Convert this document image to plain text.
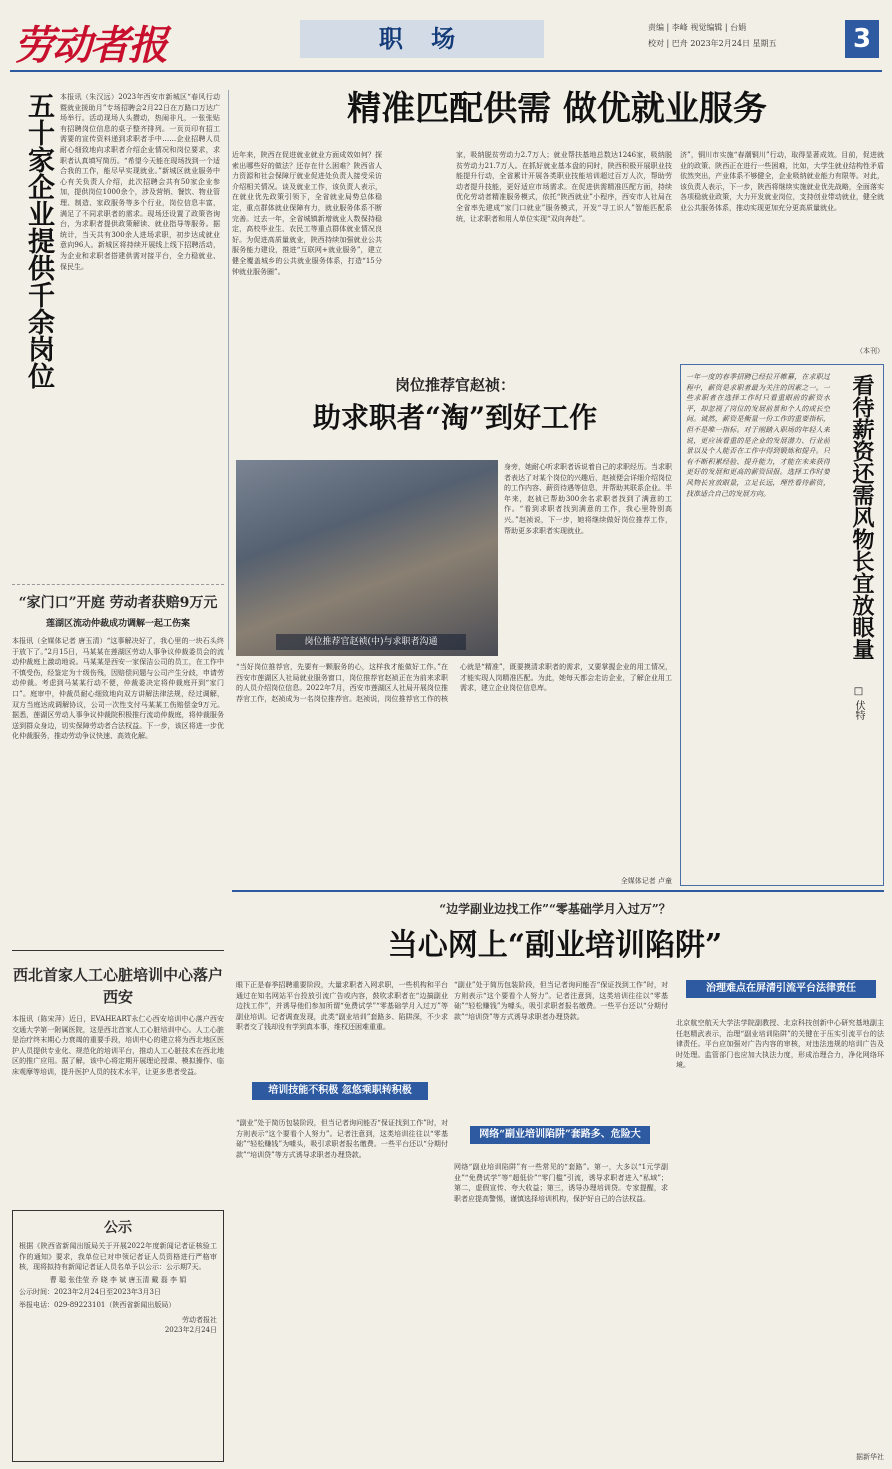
劳动者报	职 场	责编 | 李峰 视觉编辑 | 台娟
校对 | 巴舟 2023年2月24日 星期五	3
五十家企业提供千余岗位 本报讯（朱汉远）2023年西安市新城区“春风行动暨就业援助月”专场招聘会2月22日在万路口万达广场举行。活动现场人头攒动，热闹非凡，一张张贴有招聘岗位信息的桌子整齐排列。一页页印有招工需要的宣传资料递到求职者手中……企业招聘人员耐心细致地向求职者介绍企业情况和岗位要求，求职者认真填写简历。“希望今天能在现场找到一个适合我的工作，能尽早实现就业。”新城区就业服务中心有关负责人介绍，此次招聘会共有50家企业参加，提供岗位1000余个，涉及营销、餐饮、物业管理、制造、家政服务等多个行业，岗位信息丰富，满足了不同求职者的需求。现场还设置了政策咨询台，为求职者提供政策解读、就业指导等服务。据统计，当天共有300余人进场求职，初步达成就业意向96人。新城区将持续开展线上线下招聘活动，为企业和求职者搭建供需对接平台，全力稳就业、保民生。
精准匹配供需 做优就业服务
近年来，陕西在促进就业就业方面成效如何？探索出哪些好的做法？还存在什么困难？陕西省人力资源和社会保障厅就业促进处负责人接受采访介绍相关情况。谈及就业工作，该负责人表示，在就业优先政策引领下，全省就业局势总体稳定，重点群体就业保障有力，就业服务体系不断完善。过去一年，全省城镇新增就业人数保持稳定，高校毕业生、农民工等重点群体就业情况良好。为促进高质量就业，陕西持续加强就业公共服务能力建设，推进“互联网+就业服务”，建立健全覆盖城乡的公共就业服务体系，打造“15分钟就业服务圈”。
家，吸纳脱贫劳动力2.7万人；就业帮扶基地总数达1246家，吸纳脱贫劳动力21.7万人。在抓好就业基本盘的同时，陕西积极开展职业技能提升行动，全省累计开展各类职业技能培训超过百万人次，帮助劳动者提升技能，更好适应市场需求。在促进供需精准匹配方面，持续优化劳动者精准服务模式，依托“陕西就业”小程序，西安市人社局在全省率先建成“家门口就业”服务模式，开发“寻工识人”智能匹配系统，让求职者和用人单位实现“双向奔赴”。
济”，铜川市实施“春潮铜川”行动，取得显著成效。目前，促进就业的政策、陕西正在进行一些困难，比如，大学生就业结构性矛盾依然突出，产业体系不够健全，企业吸纳就业能力有限等。对此，该负责人表示，下一步，陕西将继续实施就业优先战略，全面落实各项稳就业政策，大力开发就业岗位，支持创业带动就业，健全就业公共服务体系，推动实现更加充分更高质量就业。
（本刊）
岗位推荐官赵祯：
助求职者“淘”到好工作
岗位推荐官赵祯(中)与求职者沟通
身旁，她耐心听求职者诉说着自己的求职经历。当求职者表达了对某个岗位的兴趣后，赵祯便会详细介绍岗位的工作内容、薪资待遇等信息，并帮助其联系企业。半年来，赵祯已帮助300余名求职者找到了满意的工作。“看到求职者找到满意的工作，我心里特别高兴。”赵祯说，下一步，她将继续做好岗位推荐工作，帮助更多求职者实现就业。
“当好岗位推荐官，先要有一颗服务的心，这样我才能做好工作。”在西安市莲湖区人社局就业服务窗口，岗位推荐官赵祯正在为前来求职的人员介绍岗位信息。2022年7月，西安市莲湖区人社局开展岗位推荐官工作，赵祯成为一名岗位推荐官。赵祯说，岗位推荐官工作的核心就是“精准”，既要摸清求职者的需求，又要掌握企业的用工情况，才能实现人岗精准匹配。为此，她每天都会走访企业，了解企业用工需求，建立企业岗位信息库。
全媒体记者 卢童
看待薪资还需风物长宜放眼量
□ 伏特
一年一度的春季招聘已经拉开帷幕，在求职过程中，薪资是求职者最为关注的因素之一。一些求职者在选择工作时只看重眼前的薪资水平，却忽视了岗位的发展前景和个人的成长空间。诚然，薪资是衡量一份工作的重要指标，但不是唯一指标。对于刚踏入职场的年轻人来说，更应该看重的是企业的发展潜力、行业前景以及个人能否在工作中得到锻炼和提升。只有不断积累经验、提升能力，才能在未来获得更好的发展和更高的薪资回报。选择工作时要风物长宜放眼量，立足长远，理性看待薪资，找准适合自己的发展方向。
“家门口”开庭 劳动者获赔9万元
莲湖区流动仲裁成功调解一起工伤案
本报讯（全媒体记者 唐玉清）“这事解决好了，我心里的一块石头终于放下了。”2月15日，马某某在莲湖区劳动人事争议仲裁委员会的流动仲裁庭上激动地说。马某某是西安一家保洁公司的员工，在工作中不慎受伤，经鉴定为十级伤残，因赔偿问题与公司产生分歧，申请劳动仲裁。考虑到马某某行动不便，仲裁委决定将仲裁庭开到“家门口”。庭审中，仲裁员耐心细致地向双方讲解法律法规，经过调解，双方当庭达成调解协议，公司一次性支付马某某工伤赔偿金9万元。据悉，莲湖区劳动人事争议仲裁院积极推行流动仲裁庭，将仲裁服务送到群众身边，切实保障劳动者合法权益。下一步，该区将进一步优化仲裁服务，推动劳动争议快速、高效化解。
西北首家人工心脏培训中心落户西安
本报讯（陈宋萍）近日，EVAHEART永仁心西安培训中心落户西安交通大学第一附属医院，这是西北首家人工心脏培训中心。人工心脏是治疗终末期心力衰竭的重要手段，培训中心的建立将为西北地区医护人员提供专业化、规范化的培训平台，推动人工心脏技术在西北地区的推广应用。据了解，该中心将定期开展理论授课、模拟操作、临床观摩等培训，提升医护人员的技术水平，让更多患者受益。
公示
根据《陕西省新闻出版局关于开展2022年度新闻记者证核验工作的通知》要求，我单位已对申领记者证人员资格进行严格审核，现将拟持有新闻记者证人员名单予以公示：公示期7天。
曹 聪 张佳莹 乔 晓 李 斌 唐玉清 戴 磊 李 娟
公示时间：2023年2月24日至2023年3月3日
举报电话：029-89223101（陕西省新闻出版局）
劳动者报社
2023年2月24日
“边学副业边找工作”“零基础学月入过万”？
当心网上“副业培训陷阱”
眼下正是春季招聘重要阶段，大量求职者入网求职，一些机构和平台通过在知名网站平台投放引流广告或内容，鼓吹求职者在“边搞副业边找工作”，并诱导他们参加所谓“免费试学”“零基础学月入过万”等副业培训。记者调查发现，此类“副业培训”套路多、陷阱深，不少求职者交了钱却没有学到真本事，维权还困难重重。
培训技能不积极 忽悠乘职转积极
“副业”处于简历包装阶段，但当记者询问能否“保证找到工作”时，对方则表示“这个要看个人努力”。记者注意到，这类培训往往以“零基础”“轻松赚钱”为噱头，吸引求职者报名缴费。一些平台还以“分期付款”“培训贷”等方式诱导求职者办理贷款。
“副业”处于简历包装阶段，但当记者询问能否“保证找到工作”时，对方则表示“这个要看个人努力”。记者注意到，这类培训往往以“零基础”“轻松赚钱”为噱头，吸引求职者报名缴费。一些平台还以“分期付款”“培训贷”等方式诱导求职者办理贷款。
网络“副业培训陷阱”套路多、危险大
网络“副业培训陷阱”有一些常见的“套路”。第一，大多以“1元学副业”“免费试学”等“超低价”“零门槛”引流，诱导求职者进入“私域”；第二，虚假宣传、夸大收益；第三，诱导办理培训贷。专家提醒，求职者应提高警惕，谨慎选择培训机构，保护好自己的合法权益。
治理难点在屏清引流平台法律责任
北京航空航天大学法学院副教授、北京科技创新中心研究基地副主任赵精武表示，治理“副业培训陷阱”的关键在于压实引流平台的法律责任。平台应加强对广告内容的审核，对违法违规的培训广告及时处理。监管部门也应加大执法力度，形成治理合力，净化网络环境。
据新华社
